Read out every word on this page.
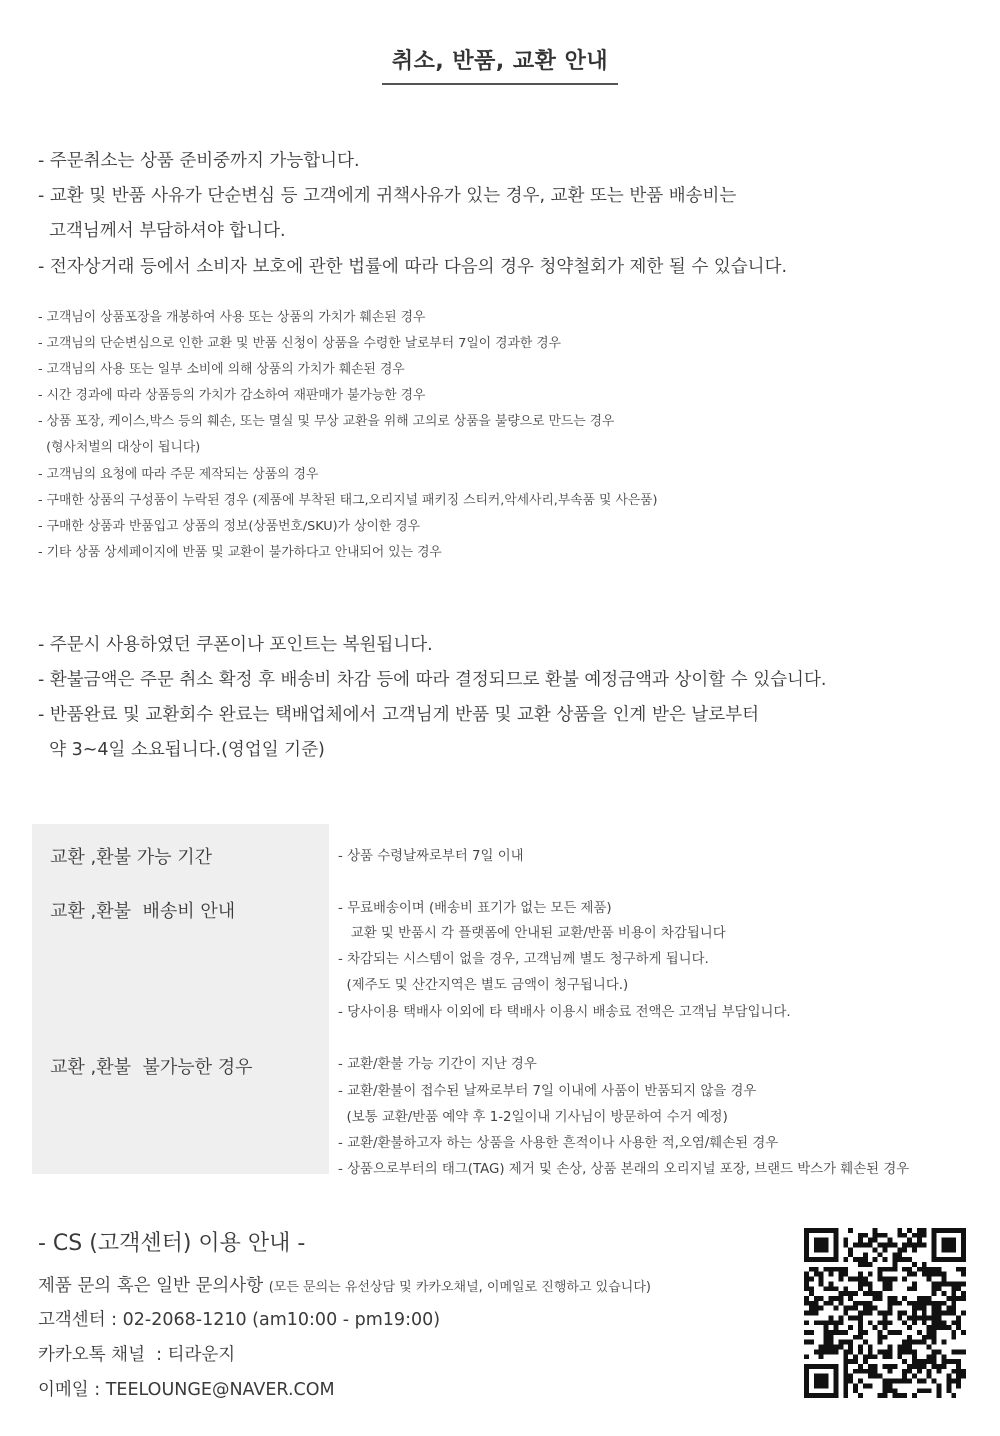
취소, 반품, 교환 안내
- 주문취소는 상품 준비중까지 가능합니다.
- 교환 및 반품 사유가 단순변심 등 고객에게 귀책사유가 있는 경우, 교환 또는 반품 배송비는
고객님께서 부담하셔야 합니다.
- 전자상거래 등에서 소비자 보호에 관한 법률에 따라 다음의 경우 청약철회가 제한 될 수 있습니다.
- 고객님이 상품포장을 개봉하여 사용 또는 상품의 가치가 훼손된 경우
- 고객님의 단순변심으로 인한 교환 및 반품 신청이 상품을 수령한 날로부터 7일이 경과한 경우
- 고객님의 사용 또는 일부 소비에 의해 상품의 가치가 훼손된 경우
- 시간 경과에 따라 상품등의 가치가 감소하여 재판매가 불가능한 경우
- 상품 포장, 케이스,박스 등의 훼손, 또는 멸실 및 무상 교환을 위해 고의로 상품을 불량으로 만드는 경우
(형사처벌의 대상이 됩니다)
- 고객님의 요청에 따라 주문 제작되는 상품의 경우
- 구매한 상품의 구성품이 누락된 경우 (제품에 부착된 태그,오리지널 패키징 스티커,악세사리,부속품 및 사은품)
- 구매한 상품과 반품입고 상품의 정보(상품번호/SKU)가 상이한 경우
- 기타 상품 상세페이지에 반품 및 교환이 불가하다고 안내되어 있는 경우
- 주문시 사용하였던 쿠폰이나 포인트는 복원됩니다.
- 환불금액은 주문 취소 확정 후 배송비 차감 등에 따라 결정되므로 환불 예정금액과 상이할 수 있습니다.
- 반품완료 및 교환회수 완료는 택배업체에서 고객님게 반품 및 교환 상품을 인계 받은 날로부터
약 3~4일 소요됩니다.(영업일 기준)
교환 ,환불 가능 기간
교환 ,환불  배송비 안내
교환 ,환불  불가능한 경우
- 상품 수령날짜로부터 7일 이내
- 무료배송이며 (배송비 표기가 없는 모든 제품)
교환 및 반품시 각 플랫폼에 안내된 교환/반품 비용이 차감됩니다
- 차감되는 시스템이 없을 경우, 고객님께 별도 청구하게 됩니다.
(제주도 및 산간지역은 별도 금액이 청구됩니다.)
- 당사이용 택배사 이외에 타 택배사 이용시 배송료 전액은 고객님 부담입니다.
- 교환/환불 가능 기간이 지난 경우
- 교환/환불이 접수된 날짜로부터 7일 이내에 사품이 반품되지 않을 경우
(보통 교환/반품 예약 후 1-2일이내 기사님이 방문하여 수거 예정)
- 교환/환불하고자 하는 상품을 사용한 흔적이나 사용한 적,오염/훼손된 경우
- 상품으로부터의 태그(TAG) 제거 및 손상, 상품 본래의 오리지널 포장, 브랜드 박스가 훼손된 경우
- CS (고객센터) 이용 안내 -
제품 문의 혹은 일반 문의사항 (모든 문의는 유선상담 및 카카오채널, 이메일로 진행하고 있습니다)
고객센터 : 02-2068-1210 (am10:00 - pm19:00)
카카오톡 채널  : 티라운지
이메일 : TEELOUNGE@NAVER.COM
